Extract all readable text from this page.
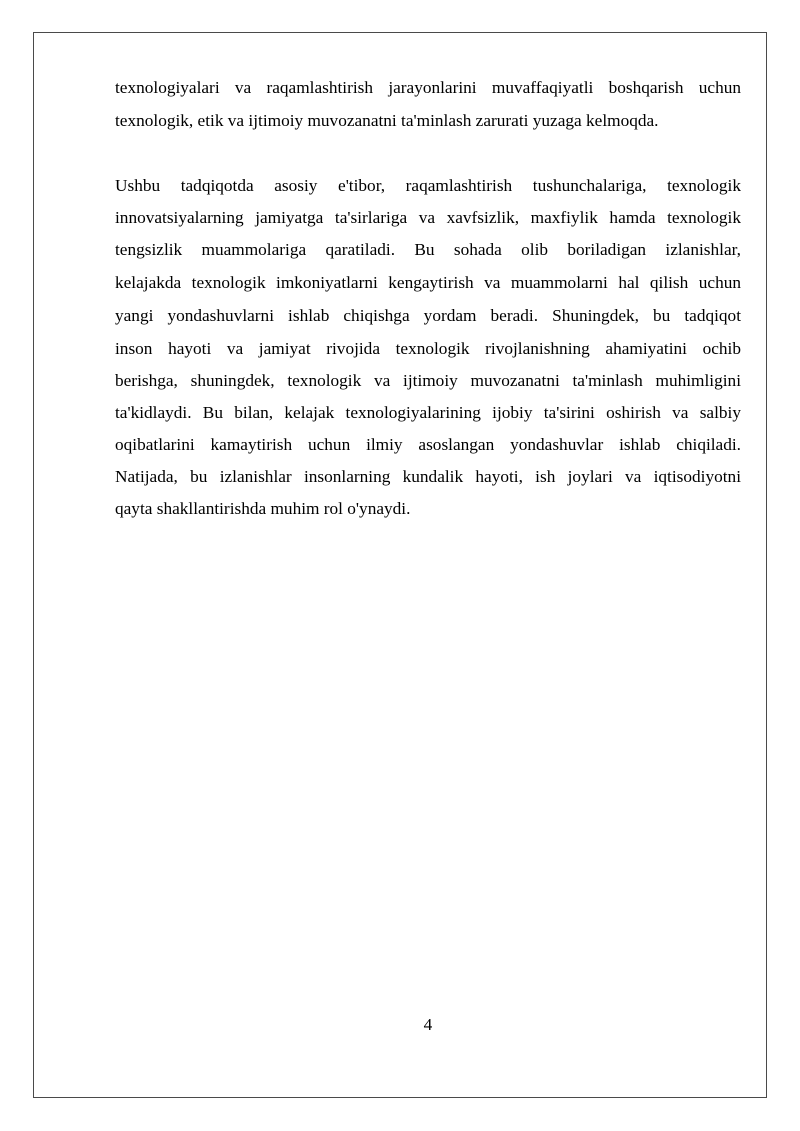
texnologiyalari va raqamlashtirish jarayonlarini muvaffaqiyatli boshqarish uchun
texnologik, etik va ijtimoiy muvozanatni ta'minlash zarurati yuzaga kelmoqda.
Ushbu tadqiqotda asosiy e'tibor, raqamlashtirish tushunchalariga, texnologik
innovatsiyalarning jamiyatga ta'sirlariga va xavfsizlik, maxfiylik hamda texnologik
tengsizlik muammolariga qaratiladi. Bu sohada olib boriladigan izlanishlar,
kelajakda texnologik imkoniyatlarni kengaytirish va muammolarni hal qilish uchun
yangi yondashuvlarni ishlab chiqishga yordam beradi. Shuningdek, bu tadqiqot
inson hayoti va jamiyat rivojida texnologik rivojlanishning ahamiyatini ochib
berishga, shuningdek, texnologik va ijtimoiy muvozanatni ta'minlash muhimligini
ta'kidlaydi. Bu bilan, kelajak texnologiyalarining ijobiy ta'sirini oshirish va salbiy
oqibatlarini kamaytirish uchun ilmiy asoslangan yondashuvlar ishlab chiqiladi.
Natijada, bu izlanishlar insonlarning kundalik hayoti, ish joylari va iqtisodiyotni
qayta shakllantirishda muhim rol o'ynaydi.
4
